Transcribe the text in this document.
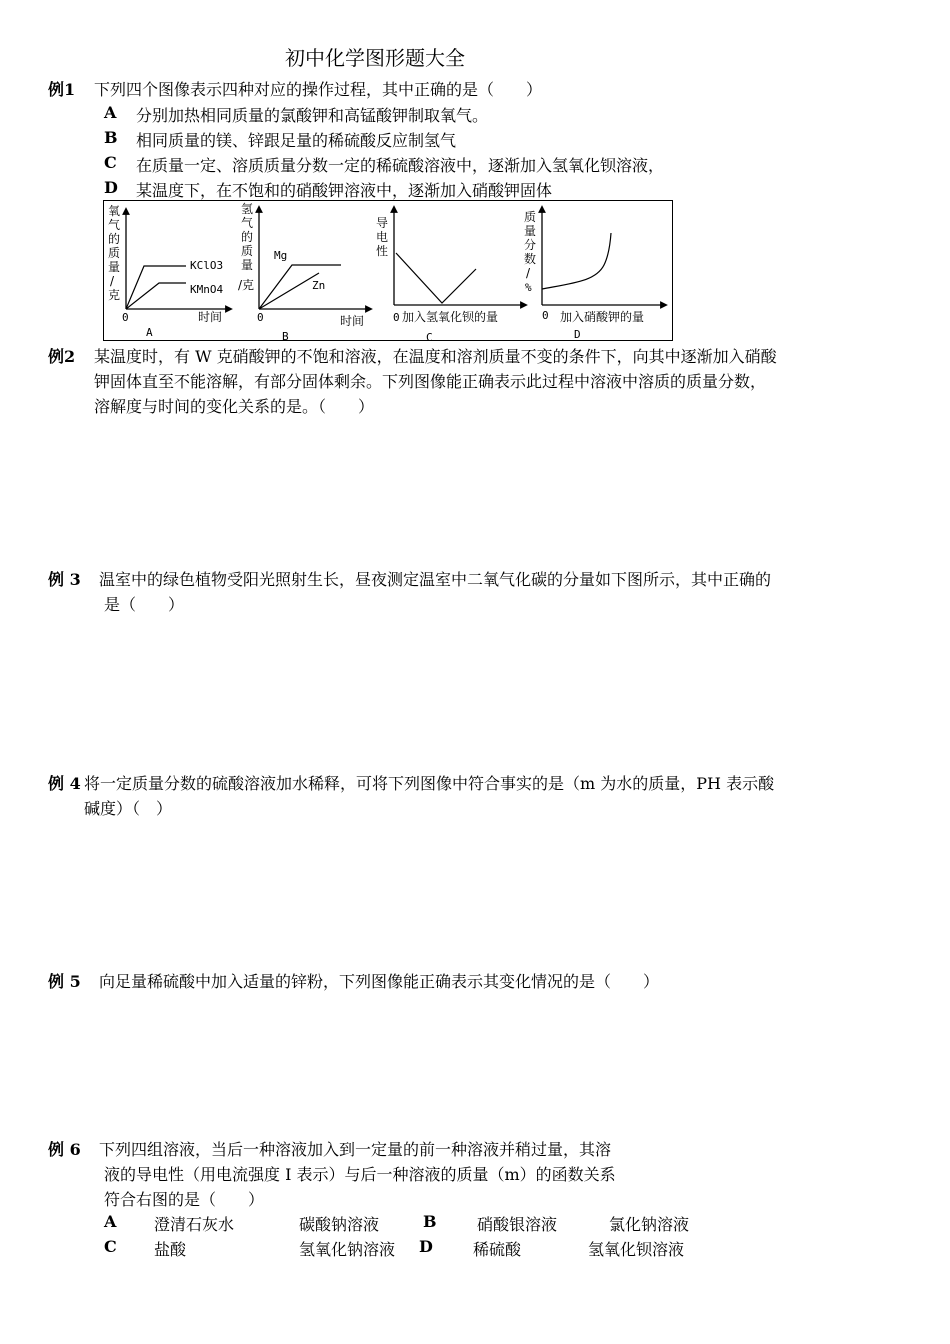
初中化学图形题大全
例1 下列四个图像表示四种对应的操作过程，其中正确的是（　　）
A 分别加热相同质量的氯酸钾和高锰酸钾制取氧气。
B 相同质量的镁、锌跟足量的稀硫酸反应制氢气
C 在质量一定、溶质质量分数一定的稀硫酸溶液中，逐渐加入氢氧化钡溶液，
D 某温度下，在不饱和的硝酸钾溶液中，逐渐加入硝酸钾固体
氧
气
的
质
量
/
克
KClO3
KMnO4
0	时间
A
氢
气
的
质
量
/克
Mg
Zn
0	时间
B
导
电
性
0 加入氢氧化钡的量
C
质
量
分
数
/
%
0 加入硝酸钾的量
D
例2 某温度时，有 W 克硝酸钾的不饱和溶液，在温度和溶剂质量不变的条件下，向其中逐渐加入硝酸
钾固体直至不能溶解，有部分固体剩余。下列图像能正确表示此过程中溶液中溶质的质量分数，
溶解度与时间的变化关系的是。（　　）
例 3 温室中的绿色植物受阳光照射生长，昼夜测定温室中二氧气化碳的分量如下图所示，其中正确的
是（　　）
例 4 将一定质量分数的硫酸溶液加水稀释，可将下列图像中符合事实的是（m 为水的质量，PH 表示酸
碱度）（　）
例 5 向足量稀硫酸中加入适量的锌粉，下列图像能正确表示其变化情况的是（　　）
例 6 下列四组溶液，当后一种溶液加入到一定量的前一种溶液并稍过量，其溶
液的导电性（用电流强度 I 表示）与后一种溶液的质量（m）的函数关系
符合右图的是（　　）
A 澄清石灰水	碳酸钠溶液	B	硝酸银溶液	氯化钠溶液
C 盐酸	氢氧化钠溶液 D	稀硫酸	氢氧化钡溶液
